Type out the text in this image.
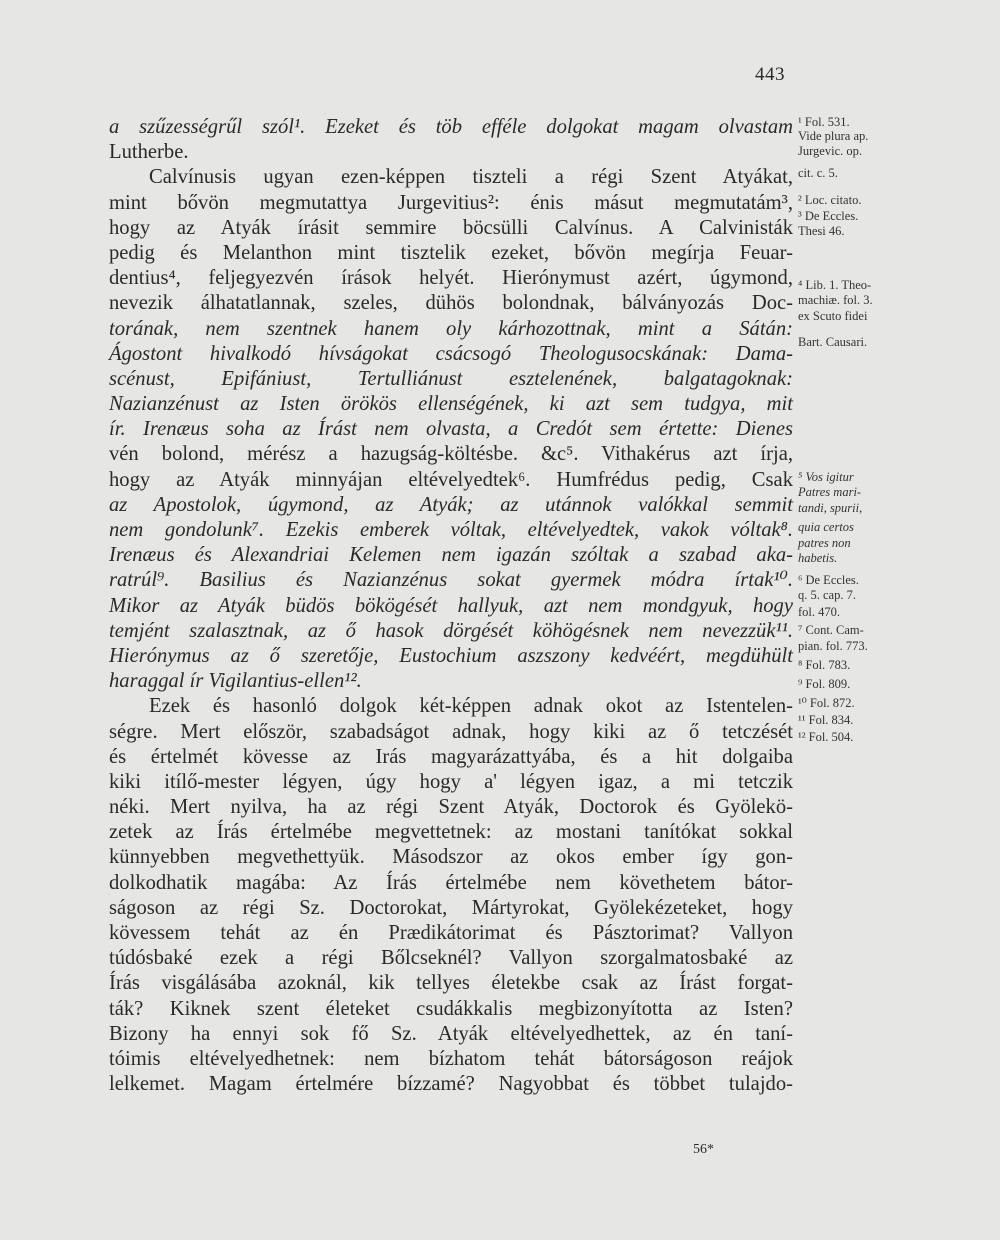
443
a szűzességrűl szól¹. Ezeket és töb efféle dolgokat magam olvastam
Lutherbe.
Calvínusis ugyan ezen-képpen tiszteli a régi Szent Atyákat,
mint bővön megmutattya Jurgevitius²: énis másut megmutatám³,
hogy az Atyák írásit semmire böcsülli Calvínus. A Calvinisták
pedig és Melanthon mint tisztelik ezeket, bővön megírja Feuar-
dentius⁴, feljegyezvén írások helyét. Hierónymust azért, úgymond,
nevezik álhatatlannak, szeles, dühös bolondnak, bálványozás Doc-
torának, nem szentnek hanem oly kárhozottnak, mint a Sátán:
Ágostont hivalkodó hívságokat csácsogó Theologusocskának: Dama-
scénust, Epifániust, Tertulliánust esztelenének, balgatagoknak:
Nazianzénust az Isten örökös ellenségének, ki azt sem tudgya, mit
ír. Irenæus soha az Írást nem olvasta, a Credót sem értette: Dienes
vén bolond, mérész a hazugság-költésbe. &c⁵. Vithakérus azt írja,
hogy az Atyák minnyájan eltévelyedtek⁶. Humfrédus pedig, Csak
az Apostolok, úgymond, az Atyák; az utánnok valókkal semmit
nem gondolunk⁷. Ezekis emberek vóltak, eltévelyedtek, vakok vóltak⁸.
Irenæus és Alexandriai Kelemen nem igazán szóltak a szabad aka-
ratrúl⁹. Basilius és Nazianzénus sokat gyermek módra írtak¹⁰.
Mikor az Atyák büdös bökögését hallyuk, azt nem mondgyuk, hogy
temjént szalasztnak, az ő hasok dörgését köhögésnek nem nevezzük¹¹.
Hierónymus az ő szeretője, Eustochium aszszony kedvéért, megdühült
haraggal ír Vigilantius-ellen¹².
Ezek és hasonló dolgok két-képpen adnak okot az Istentelen-
ségre. Mert először, szabadságot adnak, hogy kiki az ő tetczését
és értelmét kövesse az Irás magyarázattyába, és a hit dolgaiba
kiki itílő-mester légyen, úgy hogy a' légyen igaz, a mi tetczik
néki. Mert nyilva, ha az régi Szent Atyák, Doctorok és Gyölekö-
zetek az Írás értelmébe megvettetnek: az mostani tanítókat sokkal
künnyebben megvethettyük. Másodszor az okos ember így gon-
dolkodhatik magába: Az Írás értelmébe nem követhetem bátor-
ságoson az régi Sz. Doctorokat, Mártyrokat, Gyölekézeteket, hogy
kövessem tehát az én Prædikátorimat és Pásztorimat? Vallyon
túdósbaké ezek a régi Bőlcseknél? Vallyon szorgalmatosbaké az
Írás visgálásába azoknál, kik tellyes életekbe csak az Írást forgat-
ták? Kiknek szent életeket csudákkalis megbizonyította az Isten?
Bizony ha ennyi sok fő Sz. Atyák eltévelyedhettek, az én taní-
tóimis eltévelyedhetnek: nem bízhatom tehát bátorságoson reájok
lelkemet. Magam értelmére bízzamé? Nagyobbat és többet tulajdo-
¹ Fol. 531.
Vide plura ap.
Jurgevic. op.
cit. c. 5.
² Loc. citato.
³ De Eccles.
Thesi 46.
⁴ Lib. 1. Theo-
machiæ. fol. 3.
ex Scuto fidei
Bart. Causari.
⁵ Vos igitur
Patres mari-
tandi, spurii,
quia certos
patres non
habetis.
⁶ De Eccles.
q. 5. cap. 7.
fol. 470.
⁷ Cont. Cam-
pian. fol. 773.
⁸ Fol. 783.
⁹ Fol. 809.
¹⁰ Fol. 872.
¹¹ Fol. 834.
¹² Fol. 504.
56*
